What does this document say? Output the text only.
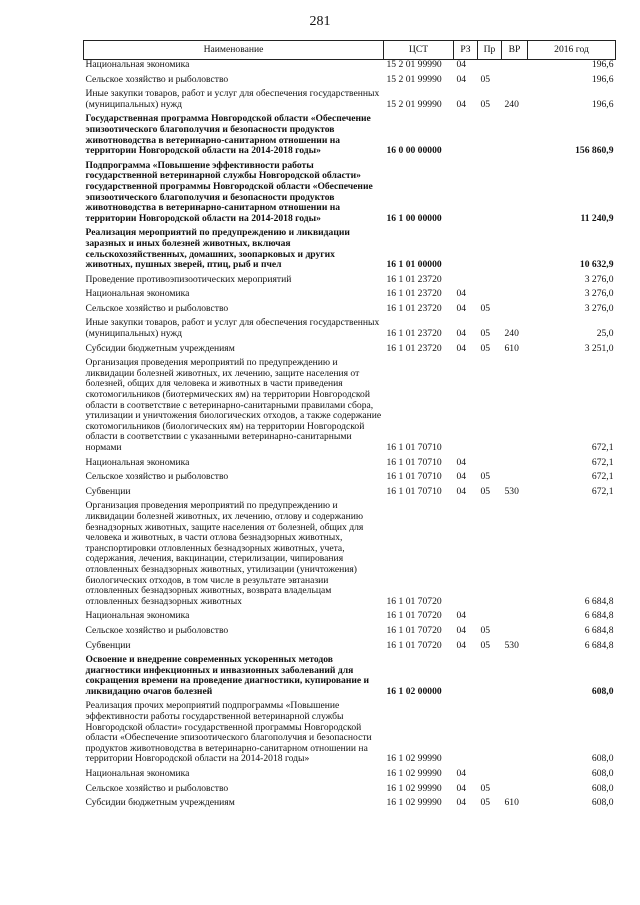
281
Наименование	ЦСТ	РЗ	Пр	ВР	2016 год
Национальная экономика	15 2 01 99990	04			196,6
Сельское хозяйство и рыболовство	15 2 01 99990	04	05		196,6
Иные закупки товаров, работ и услуг для обеспечения государственных (муниципальных) нужд	15 2 01 99990	04	05	240	196,6
Государственная программа Новгородской области «Обеспечение эпизоотического благополучия и безопасности продуктов животноводства в ветеринарно-санитарном отношении на территории Новгородской области на 2014-2018 годы»	16 0 00 00000				156 860,9
Подпрограмма «Повышение эффективности работы государственной ветеринарной службы Новгородской области» государственной программы Новгородской области «Обеспечение эпизоотического благополучия и безопасности продуктов животноводства в ветеринарно-санитарном отношении на территории Новгородской области на 2014-2018 годы»	16 1 00 00000				11 240,9
Реализация мероприятий по предупреждению и ликвидации заразных и иных болезней животных, включая сельскохозяйственных, домашних, зоопарковых и других животных, пушных зверей, птиц, рыб и пчел	16 1 01 00000				10 632,9
Проведение противоэпизоотических мероприятий	16 1 01 23720				3 276,0
Национальная экономика	16 1 01 23720	04			3 276,0
Сельское хозяйство и рыболовство	16 1 01 23720	04	05		3 276,0
Иные закупки товаров, работ и услуг для обеспечения государственных (муниципальных) нужд	16 1 01 23720	04	05	240	25,0
Субсидии бюджетным учреждениям	16 1 01 23720	04	05	610	3 251,0
Организация проведения мероприятий по предупреждению и ликвидации болезней животных, их лечению, защите населения от болезней, общих для человека и животных в части приведения скотомогильников (биотермических ям) на территории Новгородской области в соответствие с ветеринарно-санитарными правилами сбора, утилизации и уничтожения биологических отходов, а также содержание скотомогильников (биологических ям) на территории Новгородской области в соответствии с указанными ветеринарно-санитарными нормами	16 1 01 70710				672,1
Национальная экономика	16 1 01 70710	04			672,1
Сельское хозяйство и рыболовство	16 1 01 70710	04	05		672,1
Субвенции	16 1 01 70710	04	05	530	672,1
Организация проведения мероприятий по предупреждению и ликвидации болезней животных, их лечению, отлову и содержанию безнадзорных животных, защите населения от болезней, общих для человека и животных, в части отлова безнадзорных животных, транспортировки отловленных безнадзорных животных, учета, содержания, лечения, вакцинации, стерилизации, чипирования отловленных безнадзорных животных, утилизации (уничтожения) биологических отходов, в том числе в результате эвтаназии отловленных безнадзорных животных, возврата владельцам отловленных безнадзорных животных	16 1 01 70720				6 684,8
Национальная экономика	16 1 01 70720	04			6 684,8
Сельское хозяйство и рыболовство	16 1 01 70720	04	05		6 684,8
Субвенции	16 1 01 70720	04	05	530	6 684,8
Освоение и внедрение современных ускоренных методов диагностики инфекционных и инвазионных заболеваний для сокращения времени на проведение диагностики, купирование и ликвидацию очагов болезней	16 1 02 00000				608,0
Реализация прочих мероприятий подпрограммы «Повышение эффективности работы государственной ветеринарной службы Новгородской области» государственной программы Новгородской области «Обеспечение эпизоотического благополучия и безопасности продуктов животноводства в ветеринарно-санитарном отношении на территории Новгородской области на 2014-2018 годы»	16 1 02 99990				608,0
Национальная экономика	16 1 02 99990	04			608,0
Сельское хозяйство и рыболовство	16 1 02 99990	04	05		608,0
Субсидии бюджетным учреждениям	16 1 02 99990	04	05	610	608,0
